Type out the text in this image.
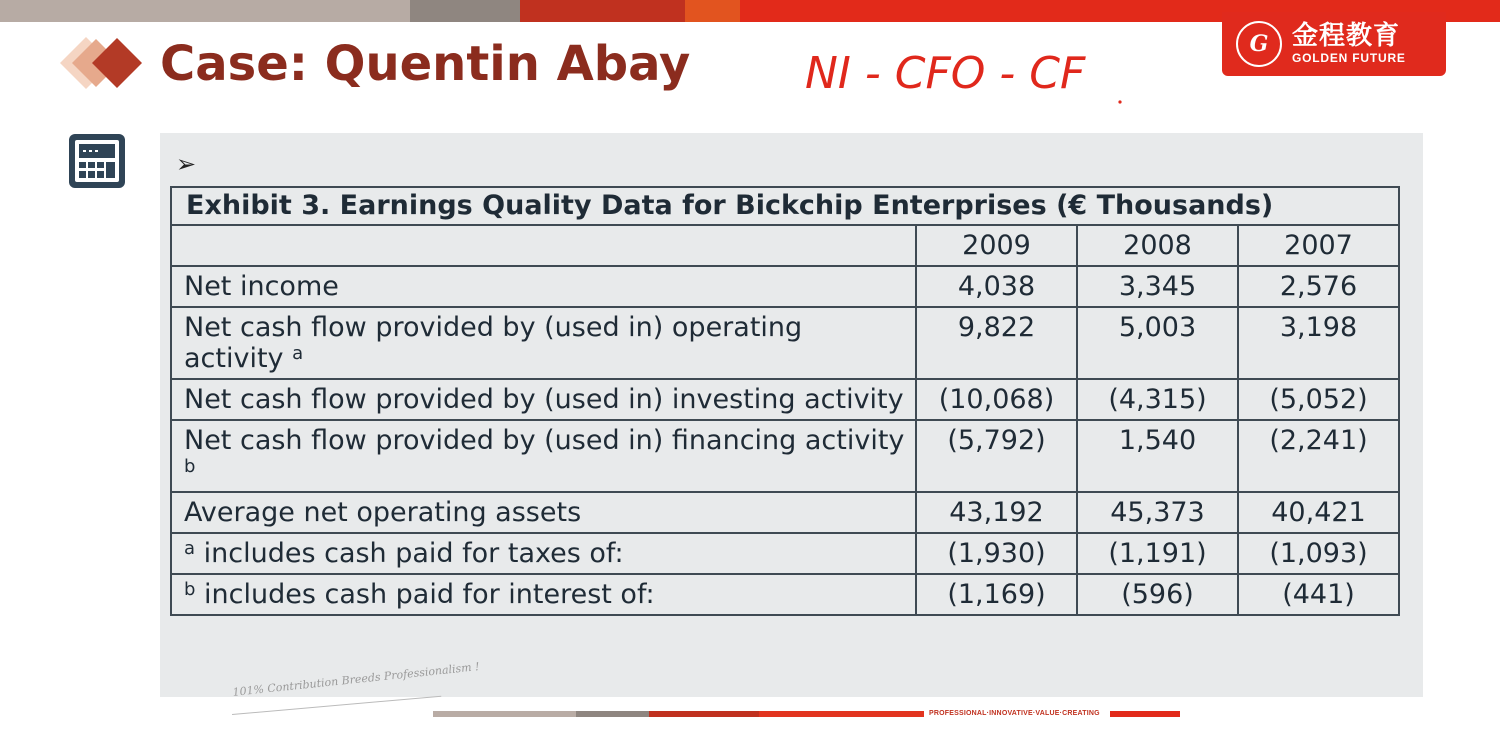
G 金程教育
GOLDEN FUTURE
Case: Quentin Abay	NI - CFO - CF
➢
Exhibit 3. Earnings Quality Data for Bickchip Enterprises (€ Thousands)			
	2009	2008	2007
Net income	4,038	3,345	2,576
Net cash flow provided by (used in) operating activity $^a$	9,822	5,003	3,198
Net cash flow provided by (used in) investing activity	(10,068)	(4,315)	(5,052)
Net cash flow provided by (used in) financing activity $^b$	(5,792)	1,540	(2,241)
Average net operating assets	43,192	45,373	40,421
$^a$ includes cash paid for taxes of:	(1,930)	(1,191)	(1,093)
$^b$ includes cash paid for interest of:	(1,169)	(596)	(441)
101% Contribution Breeds Professionalism !
PROFESSIONAL·INNOVATIVE·VALUE·CREATING
